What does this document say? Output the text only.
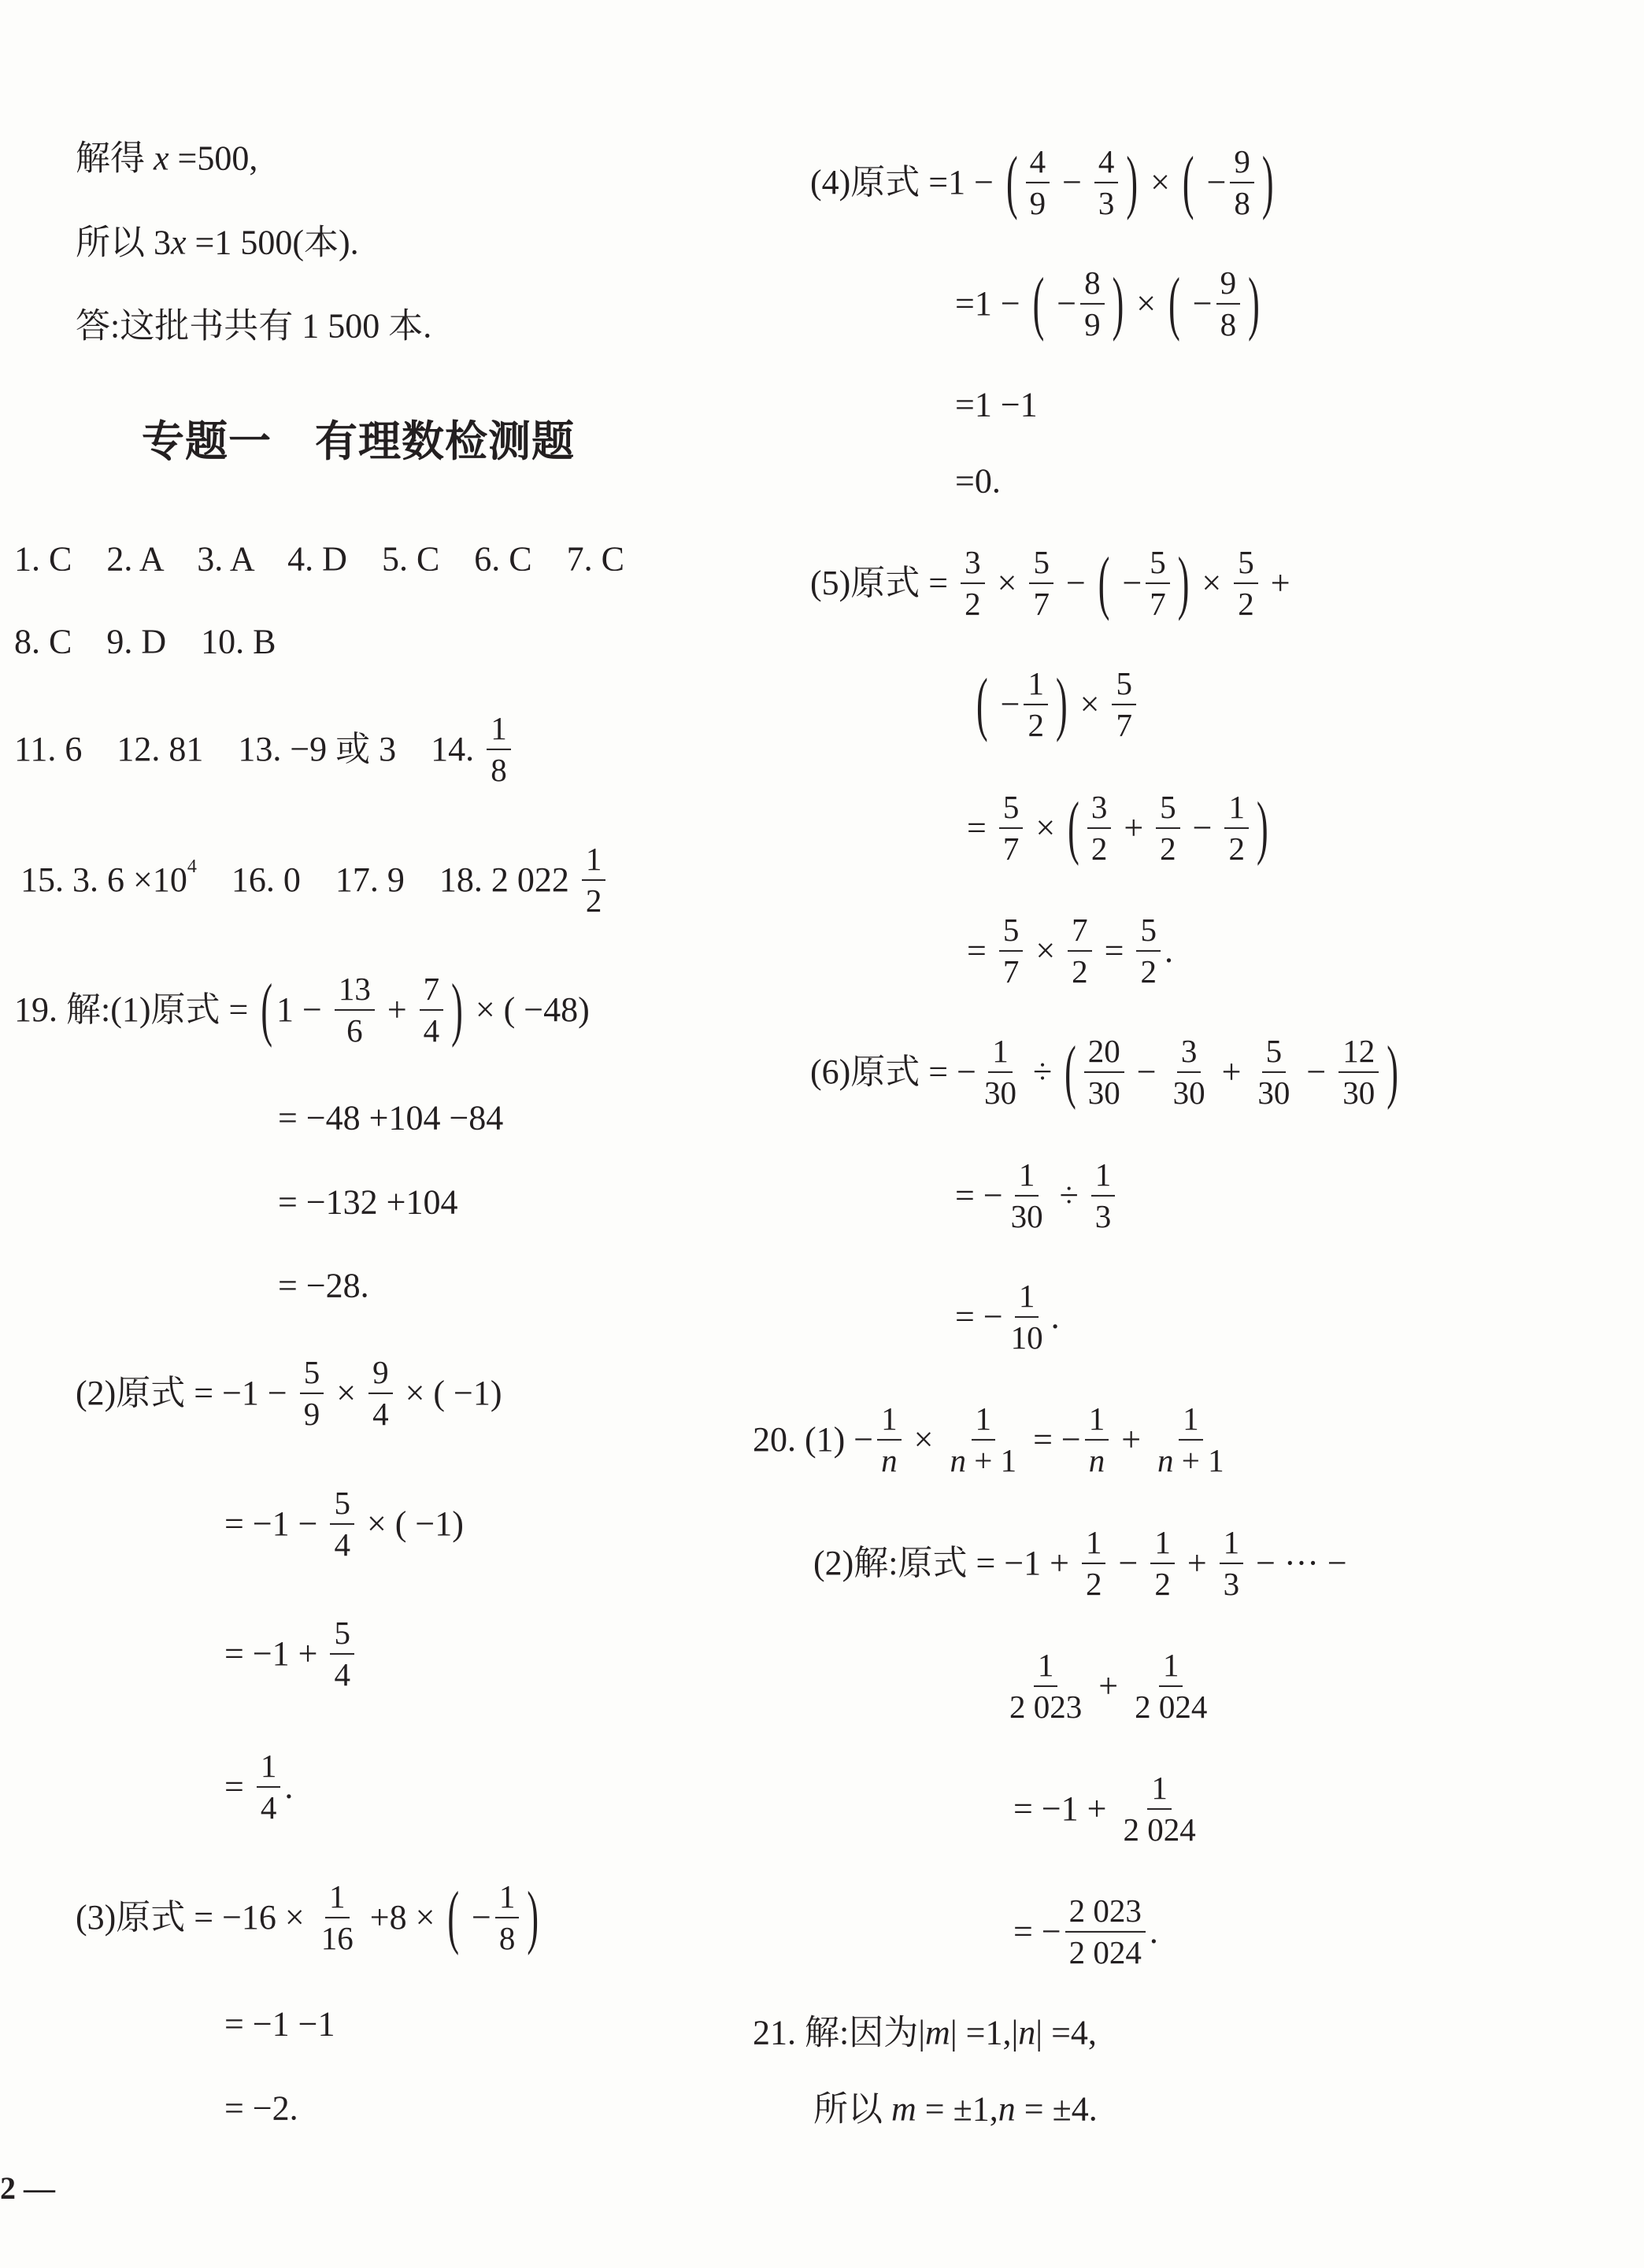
解得 x =500,
所以 3 x =1 500(本).
答:这批书共有 1 500 本.
专题一　有理数检测题
1. C　2. A　3. A　4. D　5. C　6. C　7. C
8. C　9. D　10. B
11. 6　12. 81　13. −9 或 3　14. $\frac{1}{8}$
15. 3. 6 ×10 4 　16. 0　17. 9　18. 2 $022 \frac{1}{2}$
19. 解:(1)原式 = ( $1 - \frac{13}{6} + \frac{7}{4}$ ) × ( −48)
= −48 +104 −84
= −132 +104
= −28.
(2)原式 = $-1 - \frac{5}{9} \times \frac{9}{4}$ × ( −1)
= $-1 - \frac{5}{4}$ × ( −1)
= $-1 + \frac{5}{4}$
= $\frac{1}{4}$ .
(3)原式 = $-16 \times \frac{1}{16} +8$ × ( − $\frac{1}{8}$ )
= −1 −1
= −2.
2 —
(4)原式 =1 − ( $\frac{4}{9} - \frac{4}{3}$ ) × ( − $\frac{9}{8}$ )
=1 − ( − $\frac{8}{9}$ ) × ( − $\frac{9}{8}$ )
=1 −1
=0.
(5)原式 = $\frac{3}{2} \times \frac{5}{7}$ − ( − $\frac{5}{7}$ ) × $\frac{5}{2}$ +
( − $\frac{1}{2}$ ) × $\frac{5}{7}$
= $\frac{5}{7}$ × ( $\frac{3}{2} + \frac{5}{2} - \frac{1}{2}$ )
= $\frac{5}{7} \times \frac{7}{2} = \frac{5}{2}$ .
(6)原式 = − $\frac{1}{30}$ ÷ ( $\frac{20}{30} - \frac{3}{30} + \frac{5}{30} - \frac{12}{30}$ )
= − $\frac{1}{30} \div \frac{1}{3}$
= − $\frac{1}{10}$ .
20. $(1) - \frac{1}{n} \times \frac{1}{n + 1}$ = − $\frac{1}{n} + \frac{1}{n + 1}$
(2)解:原式 = $-1 + \frac{1}{2} - \frac{1}{2} + \frac{1}{3}$ − ··· −
$\frac{1}{2 023} + \frac{1}{2 024}$
= $-1 + \frac{1}{2 024}$
= − $\frac{2 023}{2 024}$ .
21. 解:因为| m | =1,| n | =4,
所以 m = ±1, n = ±4.
